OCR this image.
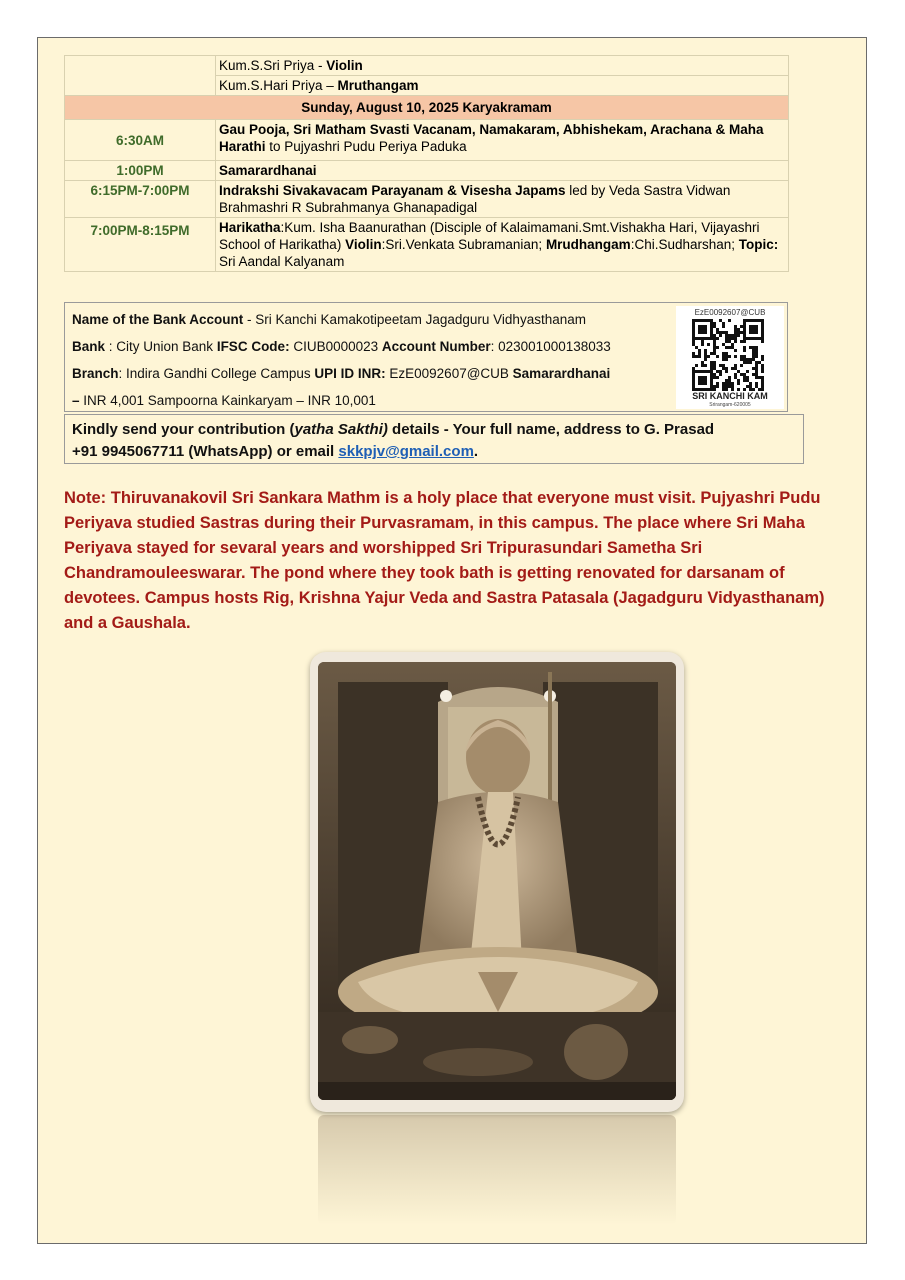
	Kum.S.Sri Priya - Violin
	Kum.S.Hari Priya – Mruthangam
Sunday, August 10, 2025 Karyakramam	
6:30AM	Gau Pooja, Sri Matham Svasti Vacanam, Namakaram, Abhishekam, Arachana & Maha Harathi to Pujyashri Pudu Periya Paduka
1:00PM	Samarardhanai
6:15PM-7:00PM	Indrakshi Sivakavacam Parayanam & Visesha Japams led by Veda Sastra Vidwan Brahmashri R Subrahmanya Ghanapadigal
7:00PM-8:15PM	Harikatha:Kum. Isha Baanurathan (Disciple of Kalaimamani.Smt.Vishakha Hari, Vijayashri School of Harikatha) Violin:Sri.Venkata Subramanian; Mrudhangam:Chi.Sudharshan; Topic: Sri Aandal Kalyanam
Name of the Bank Account - Sri Kanchi Kamakotipeetam Jagadguru Vidhyasthanam
Bank : City Union Bank IFSC Code: CIUB0000023 Account Number: 023001000138033
Branch: Indira Gandhi College Campus UPI ID INR: EzE0092607@CUB Samarardhanai
– INR 4,001 Sampoorna Kainkaryam – INR 10,001
EzE0092607@CUB
SRI KANCHI KAM
Srirangam-620005
Kindly send your contribution (yatha Sakthi) details - Your full name, address to G. Prasad
+91 9945067711 (WhatsApp) or email skkpjv@gmail.com.
Note: Thiruvanakovil Sri Sankara Mathm is a holy place that everyone must visit. Pujyashri Pudu Periyava studied Sastras during their Purvasramam, in this campus. The place where Sri Maha Periyava stayed for sevaral years and worshipped Sri Tripurasundari Sametha Sri Chandramouleeswarar. The pond where they took bath is getting renovated for darsanam of devotees. Campus hosts Rig, Krishna Yajur Veda and Sastra Patasala (Jagadguru Vidyasthanam) and a Gaushala.
